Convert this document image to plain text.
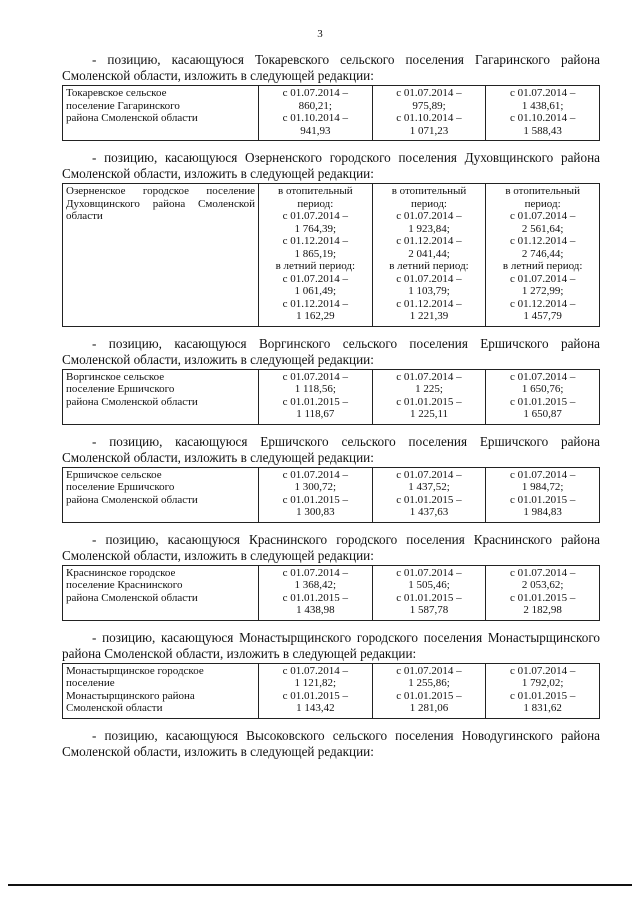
3

- позицию, касающуюся Токаревского сельского поселения Гагаринского района Смоленской области, изложить в следующей редакции:

Токаревское сельское
поселение Гагаринского
района Смоленской области

с 01.07.2014 –
860,21;
с 01.10.2014 –
941,93

с 01.07.2014 –
975,89;
с 01.10.2014 –
1 071,23

с 01.07.2014 –
1 438,61;
с 01.10.2014 –
1 588,43

- позицию, касающуюся Озерненского городского поселения Духовщинского района Смоленской области, изложить в следующей редакции:

Озерненское городское поселение Духовщинского района Смоленской области	
в отопительный
период:
с 01.07.2014 –
1 764,39;
с 01.12.2014 –
1 865,19;
в летний период:
с 01.07.2014 –
1 061,49;
с 01.12.2014 –
1 162,29

в отопительный
период:
с 01.07.2014 –
1 923,84;
с 01.12.2014 –
2 041,44;
в летний период:
с 01.07.2014 –
1 103,79;
с 01.12.2014 –
1 221,39

в отопительный
период:
с 01.07.2014 –
2 561,64;
с 01.12.2014 –
2 746,44;
в летний период:
с 01.07.2014 –
1 272,99;
с 01.12.2014 –
1 457,79

- позицию, касающуюся Воргинского сельского поселения Ершичского района Смоленской области, изложить в следующей редакции:

Воргинское сельское
поселение Ершичского
района Смоленской области

с 01.07.2014 –
1 118,56;
с 01.01.2015 –
1 118,67

с 01.07.2014 –
1 225;
с 01.01.2015 –
1 225,11

с 01.07.2014 –
1 650,76;
с 01.01.2015 –
1 650,87

- позицию, касающуюся Ершичского сельского поселения Ершичского района Смоленской области, изложить в следующей редакции:

Ершичское сельское
поселение Ершичского
района Смоленской области

с 01.07.2014 –
1 300,72;
с 01.01.2015 –
1 300,83

с 01.07.2014 –
1 437,52;
с 01.01.2015 –
1 437,63

с 01.07.2014 –
1 984,72;
с 01.01.2015 –
1 984,83

- позицию, касающуюся Краснинского городского поселения Краснинского района Смоленской области, изложить в следующей редакции:

Краснинское городское
поселение Краснинского
района Смоленской области

с 01.07.2014 –
1 368,42;
с 01.01.2015 –
1 438,98

с 01.07.2014 –
1 505,46;
с 01.01.2015 –
1 587,78

с 01.07.2014 –
2 053,62;
с 01.01.2015 –
2 182,98

- позицию, касающуюся Монастырщинского городского поселения Монастырщинского района Смоленской области, изложить в следующей редакции:

Монастырщинское городское
поселение
Монастырщинского района
Смоленской области

с 01.07.2014 –
1 121,82;
с 01.01.2015 –
1 143,42

с 01.07.2014 –
1 255,86;
с 01.01.2015 –
1 281,06

с 01.07.2014 –
1 792,02;
с 01.01.2015 –
1 831,62

- позицию, касающуюся Высоковского сельского поселения Новодугинского района Смоленской области, изложить в следующей редакции:
